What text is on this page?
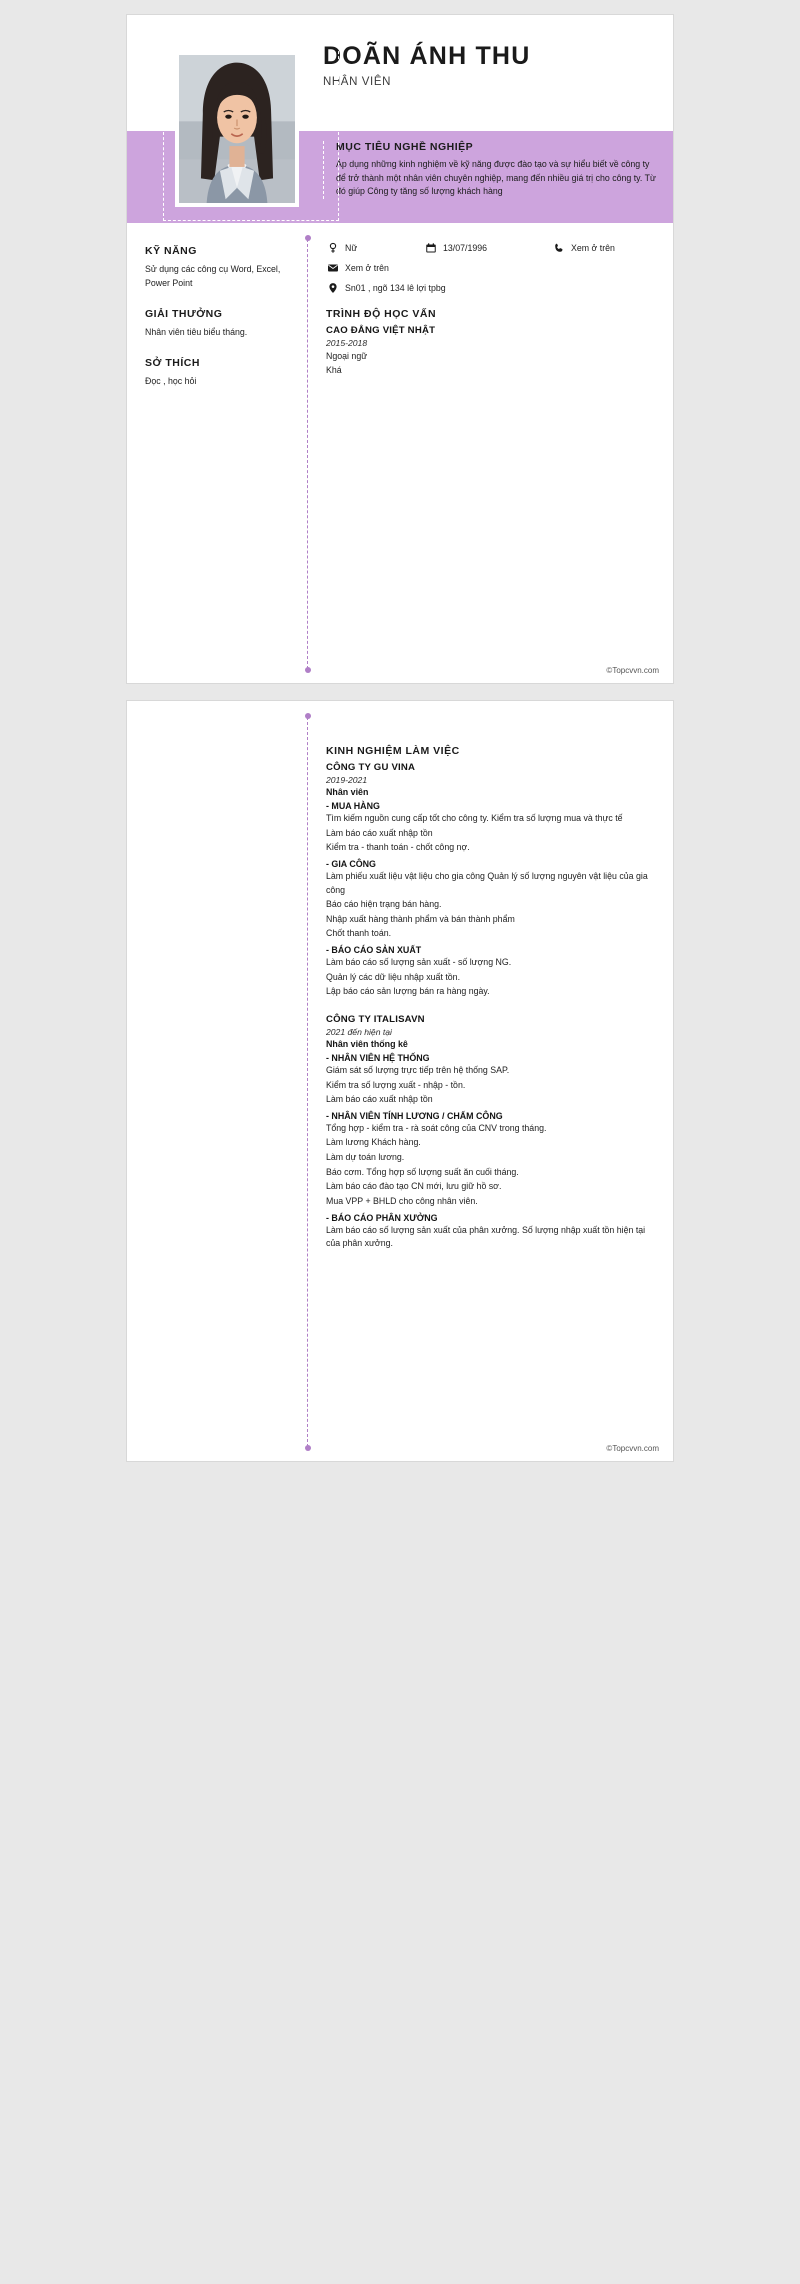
DOÃN ÁNH THU

NHÂN VIÊN

MỤC TIÊU NGHỀ NGHIỆP

Áp dụng những kinh nghiệm về kỹ năng được đào tạo và sự hiểu biết về công ty để trở thành một nhân viên chuyên nghiệp, mang đến nhiều giá trị cho công ty. Từ đó giúp Công ty tăng số lượng khách hàng

KỸ NĂNG

Sử dụng các công cụ Word, Excel, Power Point

GIẢI THƯỞNG

Nhân viên tiêu biểu tháng.

SỞ THÍCH

Đọc , học hỏi

Nữ	13/07/1996	Xem ở trên
Xem ở trên
Sn01 , ngõ 134 lê lợi tpbg

TRÌNH ĐỘ HỌC VẤN

CAO ĐẲNG VIỆT NHẬT

2015-2018

Ngoại ngữ

Khá

©Topcvvn.com

KINH NGHIỆM LÀM VIỆC

CÔNG TY GU VINA

2019-2021

Nhân viên

- MUA HÀNG

Tìm kiếm nguồn cung cấp tốt cho công ty. Kiểm tra số lượng mua và thực tế

Làm báo cáo xuất nhập tồn

Kiểm tra - thanh toán - chốt công nợ.

- GIA CÔNG

Làm phiếu xuất liệu vật liệu cho gia công Quản lý số lượng nguyên vật liệu của gia công

Báo cáo hiện trạng bán hàng.

Nhập xuất hàng thành phẩm và bán thành phẩm

Chốt thanh toán.

- BÁO CÁO SẢN XUẤT

Làm báo cáo số lượng sản xuất - số lượng NG.

Quản lý các dữ liệu nhập xuất tồn.

Lập báo cáo sản lượng bán ra hàng ngày.

CÔNG TY ITALISAVN

2021 đến hiện tại

Nhân viên thống kê

- NHÂN VIÊN HỆ THỐNG

Giám sát số lượng trực tiếp trên hệ thống SAP.

Kiểm tra số lượng xuất - nhập - tồn.

Làm báo cáo xuất nhập tồn

- NHÂN VIÊN TÍNH LƯƠNG / CHẤM CÔNG

Tổng hợp - kiểm tra - rà soát công của CNV trong tháng.

Làm lương Khách hàng.

Làm dự toán lương.

Báo cơm. Tổng hợp số lượng suất ăn cuối tháng.

Làm báo cáo đào tạo CN mới, lưu giữ hồ sơ.

Mua VPP + BHLD cho công nhân viên.

- BÁO CÁO PHÂN XƯỞNG

Làm báo cáo số lượng sản xuất của phân xưởng. Số lượng nhập xuất tồn hiện tại của phân xưởng.

©Topcvvn.com
